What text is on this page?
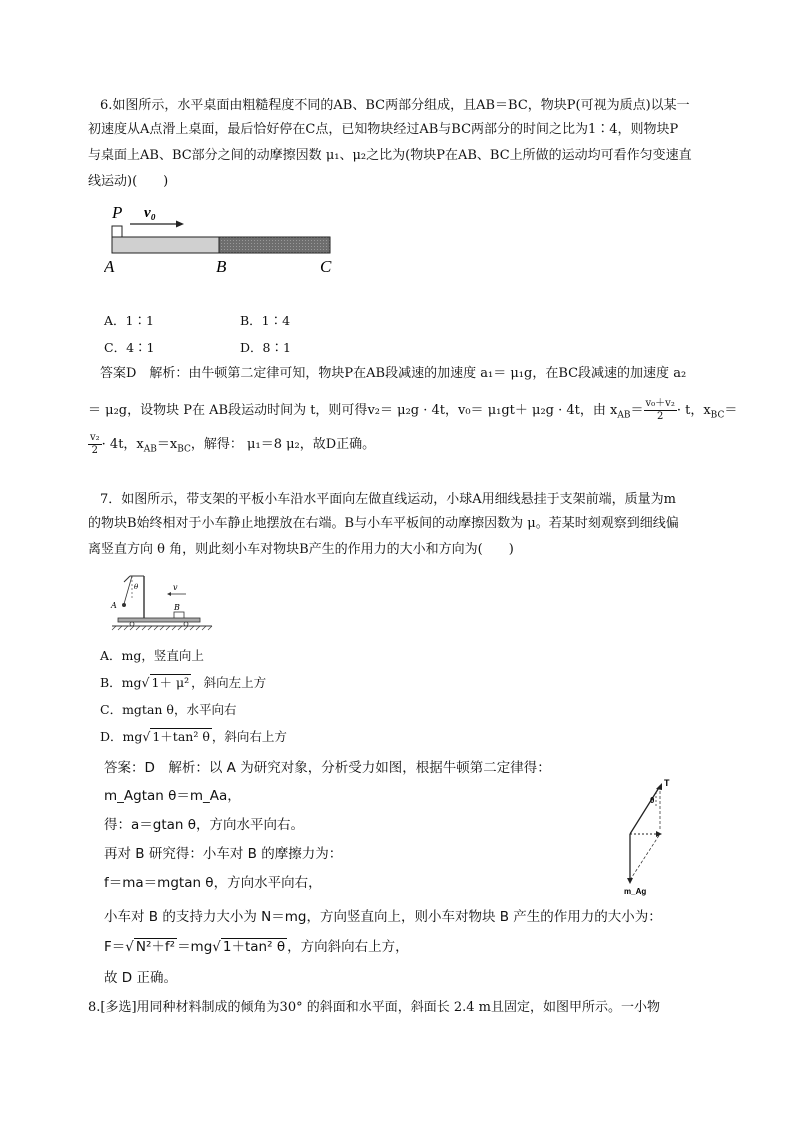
6.如图所示，水平桌面由粗糙程度不同的AB、BC两部分组成，且AB＝BC，物块P(可视为质点)以某一

初速度从A点滑上桌面，最后恰好停在C点，已知物块经过AB与BC两部分的时间之比为1∶4，则物块P

与桌面上AB、BC部分之间的动摩擦因数 μ₁、μ₂之比为(物块P在AB、BC上所做的运动均可看作匀变速直

线运动)(　　)

P v₀
A	B	C
A．1∶1	B．1∶4
C．4∶1	D．8∶1

答案D　解析：由牛顿第二定律可知，物块P在AB段减速的加速度 a₁＝ μ₁g，在BC段减速的加速度 a₂

＝ μ₂g，设物块 P在 AB段运动时间为 t，则可得v₂＝ μ₂g · 4t，v₀＝ μ₁gt＋ μ₂g · 4t，由 $x_{AB}= \frac{\text{v₀＋v₂}}{2} \cdot t$，$x_{BC}=$

$\frac{\text{v₂}}{2} \cdot 4t$，$x_{AB}=x_{BC}$，解得： μ₁＝8 μ₂，故D正确。

7．如图所示，带支架的平板小车沿水平面向左做直线运动，小球A用细线悬挂于支架前端，质量为m

的物块B始终相对于小车静止地摆放在右端。B与小车平板间的动摩擦因数为 μ。若某时刻观察到细线偏

离竖直方向 θ 角，则此刻小车对物块B产生的作用力的大小和方向为(　　)

θ
A
v
B
A．mg，竖直向上
B．mg√ 1＋ μ² ，斜向左上方
C．mgtan θ，水平向右
D．mg√ 1＋tan² θ ，斜向右上方

答案：D　解析：以 A 为研究对象，分析受力如图，根据牛顿第二定律得：

m_Agtan θ＝m_Aa，

得：a＝gtan θ，方向水平向右。

再对 B 研究得：小车对 B 的摩擦力为：

f＝ma＝mgtan θ，方向水平向右，

小车对 B 的支持力大小为 N＝mg，方向竖直向上，则小车对物块 B 产生的作用力的大小为：

F＝√ N²＋f² ＝mg√ 1＋tan² θ ，方向斜向右上方，

故 D 正确。

T
θ
m_Ag

8.[多选]用同种材料制成的倾角为30° 的斜面和水平面，斜面长 2.4 m且固定，如图甲所示。一小物
